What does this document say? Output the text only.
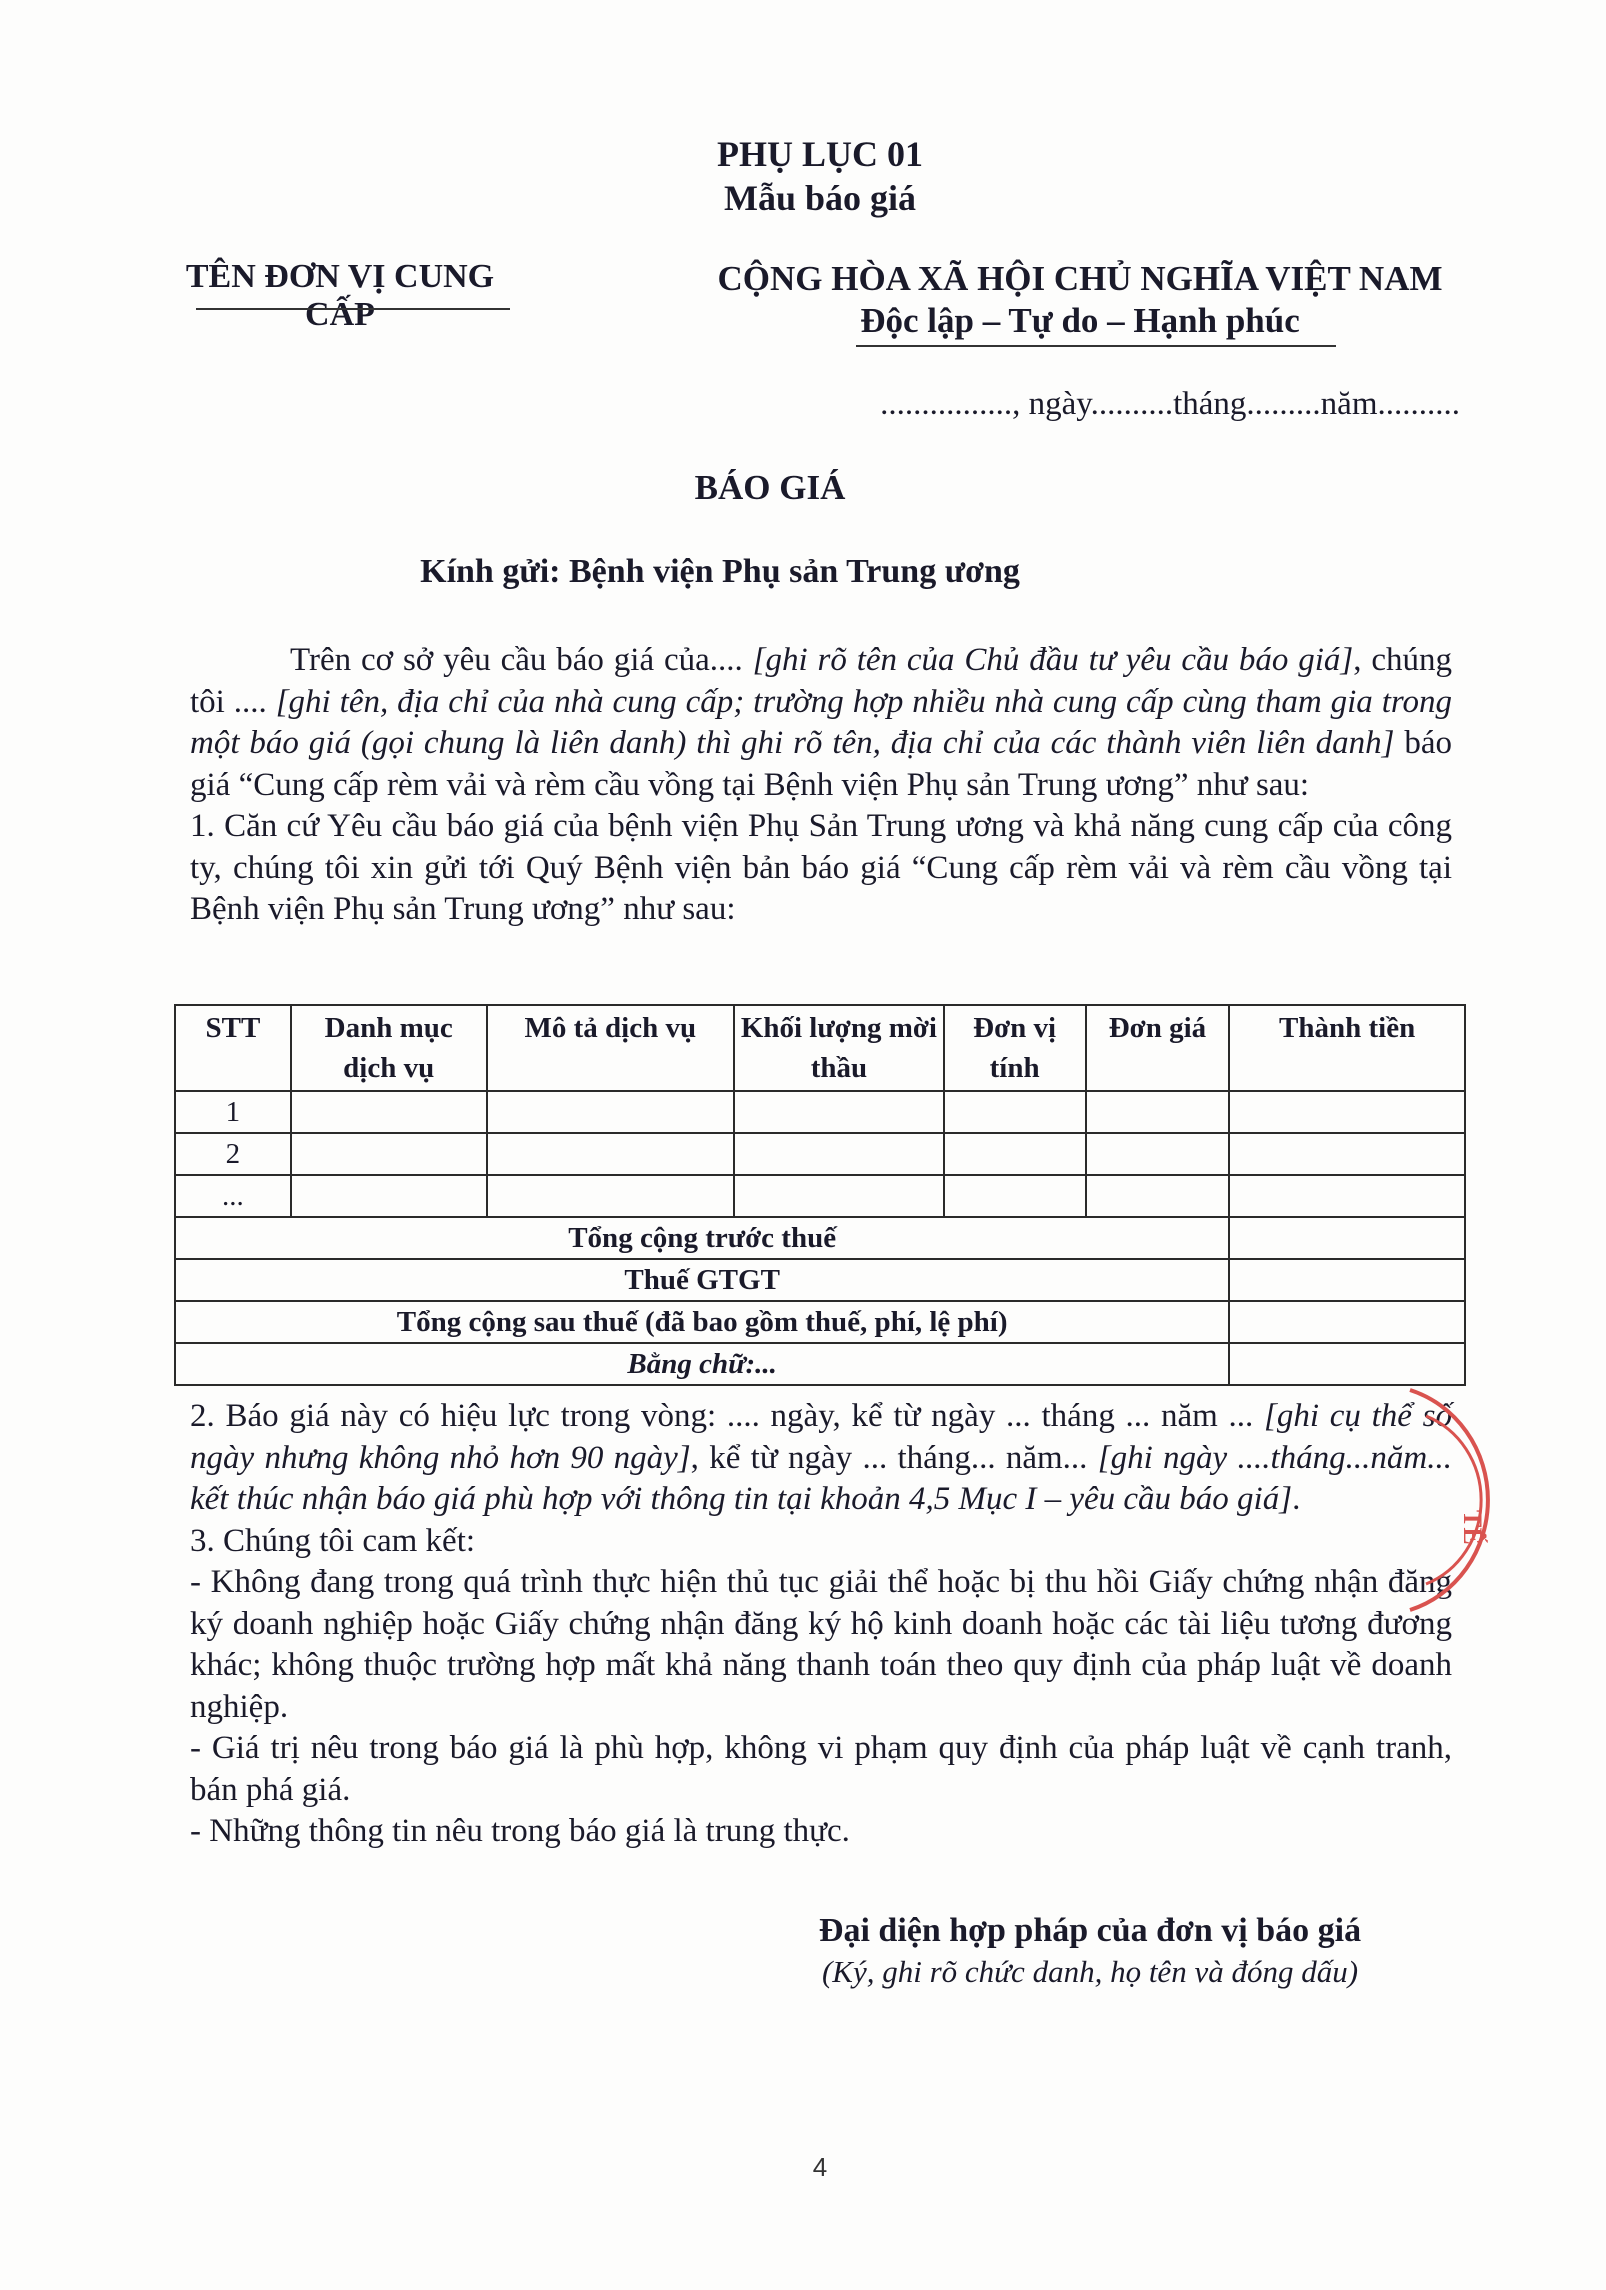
PHỤ LỤC 01
Mẫu báo giá
TÊN ĐƠN VỊ CUNG CẤP
CỘNG HÒA XÃ HỘI CHỦ NGHĨA VIỆT NAM
Độc lập – Tự do – Hạnh phúc
................, ngày..........tháng.........năm..........
BÁO GIÁ
Kính gửi: Bệnh viện Phụ sản Trung ương
Trên cơ sở yêu cầu báo giá của.... [ghi rõ tên của Chủ đầu tư yêu cầu báo giá], chúng tôi .... [ghi tên, địa chỉ của nhà cung cấp; trường hợp nhiều nhà cung cấp cùng tham gia trong một báo giá (gọi chung là liên danh) thì ghi rõ tên, địa chỉ của các thành viên liên danh] báo giá “Cung cấp rèm vải và rèm cầu vồng tại Bệnh viện Phụ sản Trung ương” như sau:
1. Căn cứ Yêu cầu báo giá của bệnh viện Phụ Sản Trung ương và khả năng cung cấp của công ty, chúng tôi xin gửi tới Quý Bệnh viện bản báo giá “Cung cấp rèm vải và rèm cầu vồng tại Bệnh viện Phụ sản Trung ương” như sau:
STT	Danh mục dịch vụ	Mô tả dịch vụ	Khối lượng mời thầu	Đơn vị tính	Đơn giá	Thành tiền
1						
2						
...						
Tổng cộng trước thuế						
Thuế GTGT						
Tổng cộng sau thuế (đã bao gồm thuế, phí, lệ phí)						
Bằng chữ:...						
2. Báo giá này có hiệu lực trong vòng: .... ngày, kể từ ngày ... tháng ... năm ... [ghi cụ thể số ngày nhưng không nhỏ hơn 90 ngày], kể từ ngày ... tháng... năm... [ghi ngày ....tháng...năm... kết thúc nhận báo giá phù hợp với thông tin tại khoản 4,5 Mục I – yêu cầu báo giá].
3. Chúng tôi cam kết:
- Không đang trong quá trình thực hiện thủ tục giải thể hoặc bị thu hồi Giấy chứng nhận đăng ký doanh nghiệp hoặc Giấy chứng nhận đăng ký hộ kinh doanh hoặc các tài liệu tương đương khác; không thuộc trường hợp mất khả năng thanh toán theo quy định của pháp luật về doanh nghiệp.
- Giá trị nêu trong báo giá là phù hợp, không vi phạm quy định của pháp luật về cạnh tranh, bán phá giá.
- Những thông tin nêu trong báo giá là trung thực.
Đại diện hợp pháp của đơn vị báo giá
(Ký, ghi rõ chức danh, họ tên và đóng dấu)
4
TẾ
